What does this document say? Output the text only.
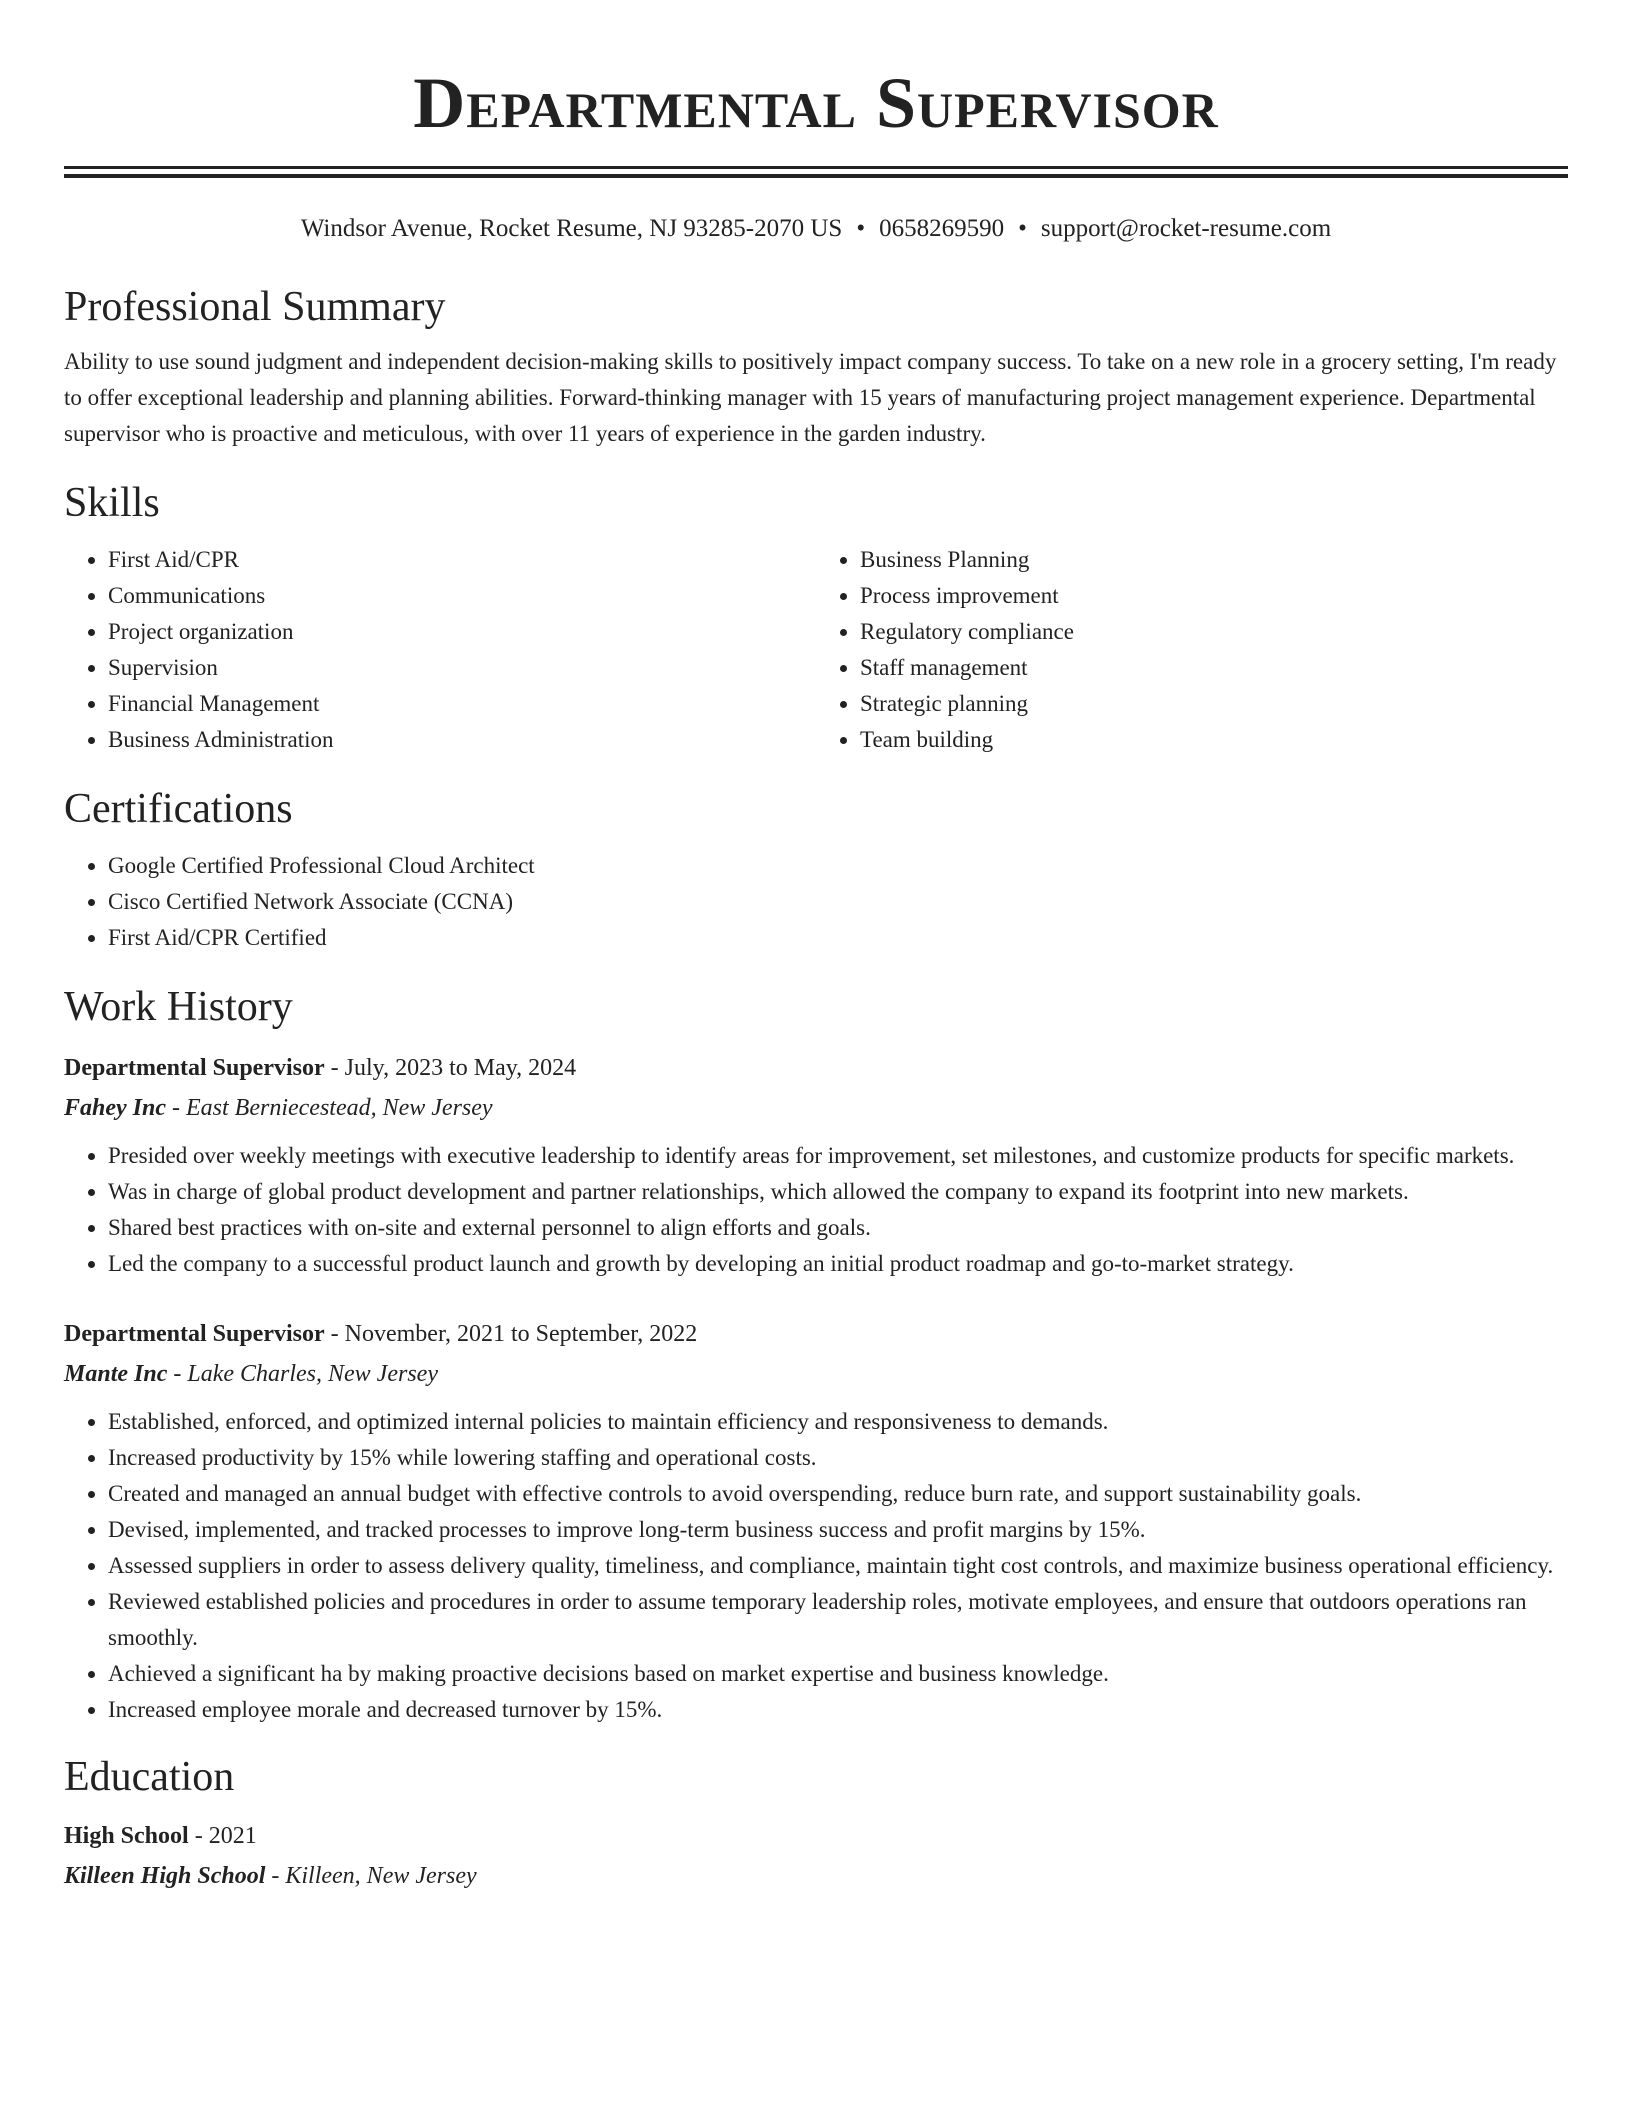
Departmental Supervisor
Windsor Avenue, Rocket Resume, NJ 93285-2070 US • 0658269590 • support@rocket-resume.com
Professional Summary

Ability to use sound judgment and independent decision-making skills to positively impact company success. To take on a new role in a grocery setting, I'm ready to offer exceptional leadership and planning abilities. Forward-thinking manager with 15 years of manufacturing project management experience. Departmental supervisor who is proactive and meticulous, with over 11 years of experience in the garden industry.

Skills
• First Aid/CPR
• Communications
• Project organization
• Supervision
• Financial Management
• Business Administration
• Business Planning
• Process improvement
• Regulatory compliance
• Staff management
• Strategic planning
• Team building
Certifications
• Google Certified Professional Cloud Architect
• Cisco Certified Network Associate (CCNA)
• First Aid/CPR Certified
Work History
Departmental Supervisor - July, 2023 to May, 2024
Fahey Inc - East Berniecestead, New Jersey
• Presided over weekly meetings with executive leadership to identify areas for improvement, set milestones, and customize products for specific markets.
• Was in charge of global product development and partner relationships, which allowed the company to expand its footprint into new markets.
• Shared best practices with on-site and external personnel to align efforts and goals.
• Led the company to a successful product launch and growth by developing an initial product roadmap and go-to-market strategy.
Departmental Supervisor - November, 2021 to September, 2022
Mante Inc - Lake Charles, New Jersey
• Established, enforced, and optimized internal policies to maintain efficiency and responsiveness to demands.
• Increased productivity by 15% while lowering staffing and operational costs.
• Created and managed an annual budget with effective controls to avoid overspending, reduce burn rate, and support sustainability goals.
• Devised, implemented, and tracked processes to improve long-term business success and profit margins by 15%.
• Assessed suppliers in order to assess delivery quality, timeliness, and compliance, maintain tight cost controls, and maximize business operational efficiency.
• Reviewed established policies and procedures in order to assume temporary leadership roles, motivate employees, and ensure that outdoors operations ran smoothly.
• Achieved a significant ha by making proactive decisions based on market expertise and business knowledge.
• Increased employee morale and decreased turnover by 15%.
Education
High School - 2021
Killeen High School - Killeen, New Jersey
